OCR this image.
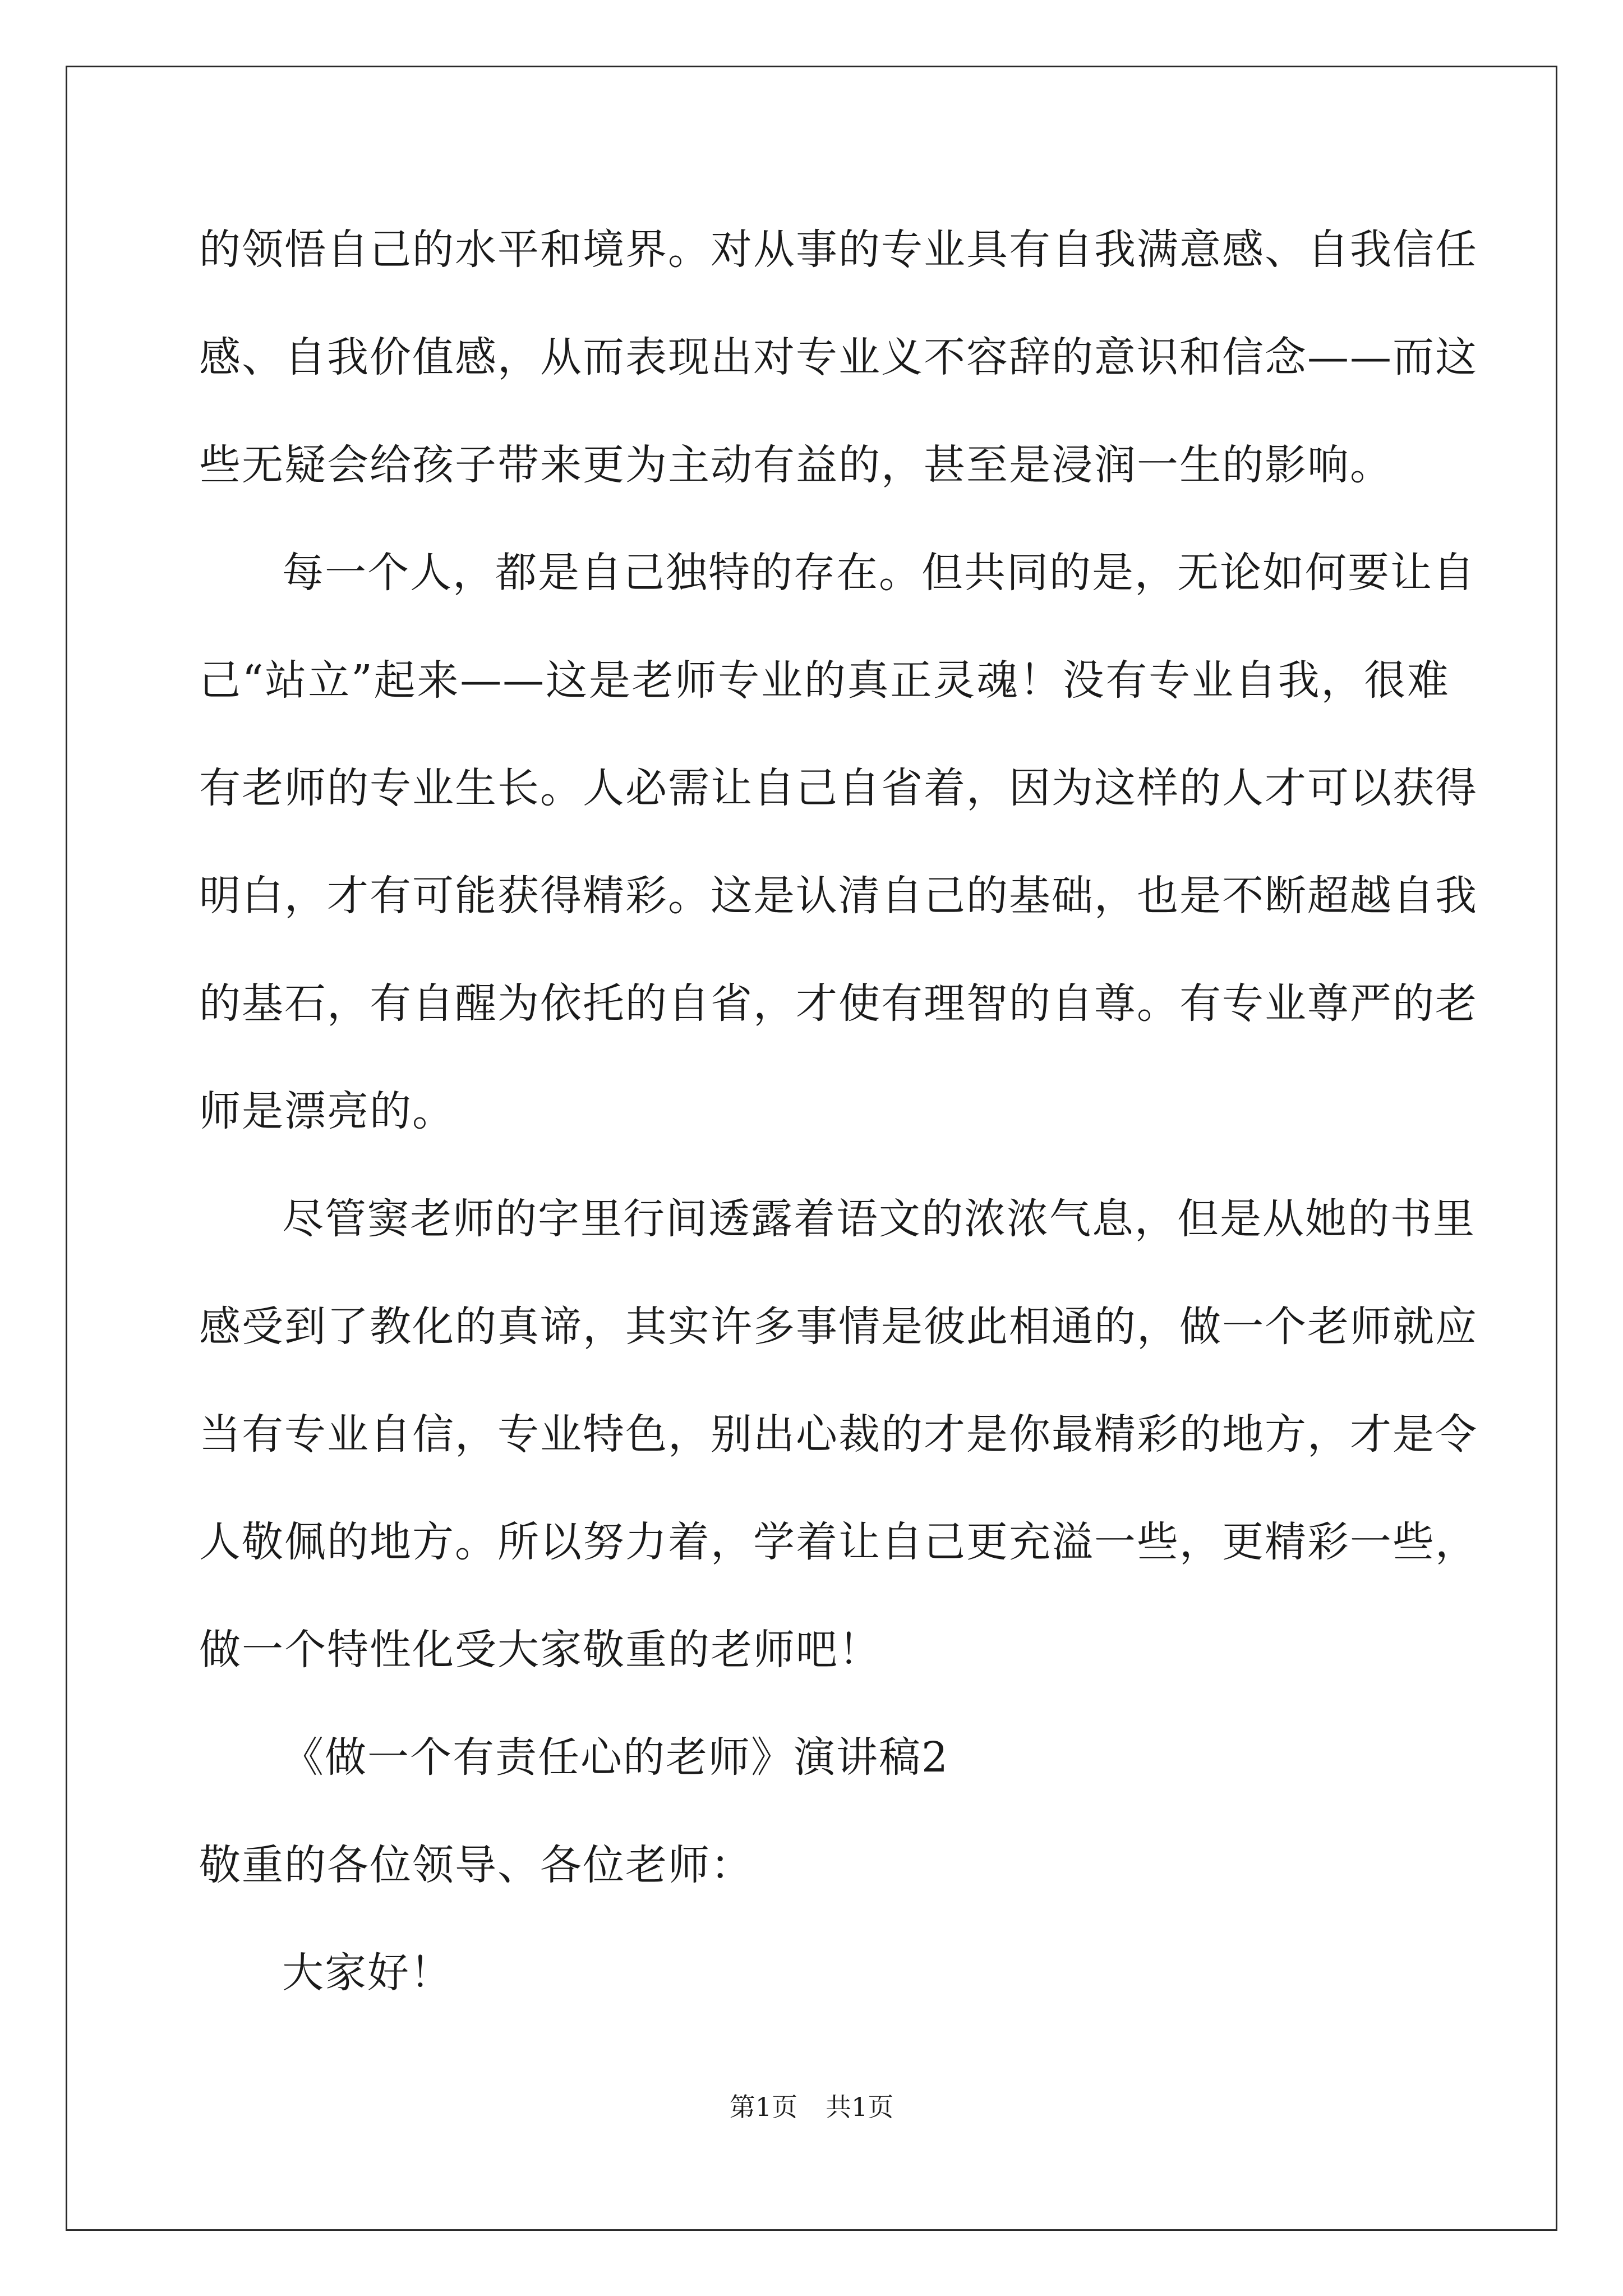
的领悟自己的水平和境界。对从事的专业具有自我满意感、自我信任
感、自我价值感，从而表现出对专业义不容辞的意识和信念——而这
些无疑会给孩子带来更为主动有益的，甚至是浸润一生的影响。
每一个人，都是自己独特的存在。但共同的是，无论如何要让自
己“站立”起来——这是老师专业的真正灵魂！没有专业自我，很难
有老师的专业生长。人必需让自己自省着，因为这样的人才可以获得
明白，才有可能获得精彩。这是认清自己的基础，也是不断超越自我
的基石，有自醒为依托的自省，才使有理智的自尊。有专业尊严的老
师是漂亮的。
尽管窦老师的字里行间透露着语文的浓浓气息，但是从她的书里
感受到了教化的真谛，其实许多事情是彼此相通的，做一个老师就应
当有专业自信，专业特色，别出心裁的才是你最精彩的地方，才是令
人敬佩的地方。所以努力着，学着让自己更充溢一些，更精彩一些，
做一个特性化受大家敬重的老师吧！
《做一个有责任心的老师》演讲稿2
敬重的各位领导、各位老师：
大家好！
第1页 共1页
